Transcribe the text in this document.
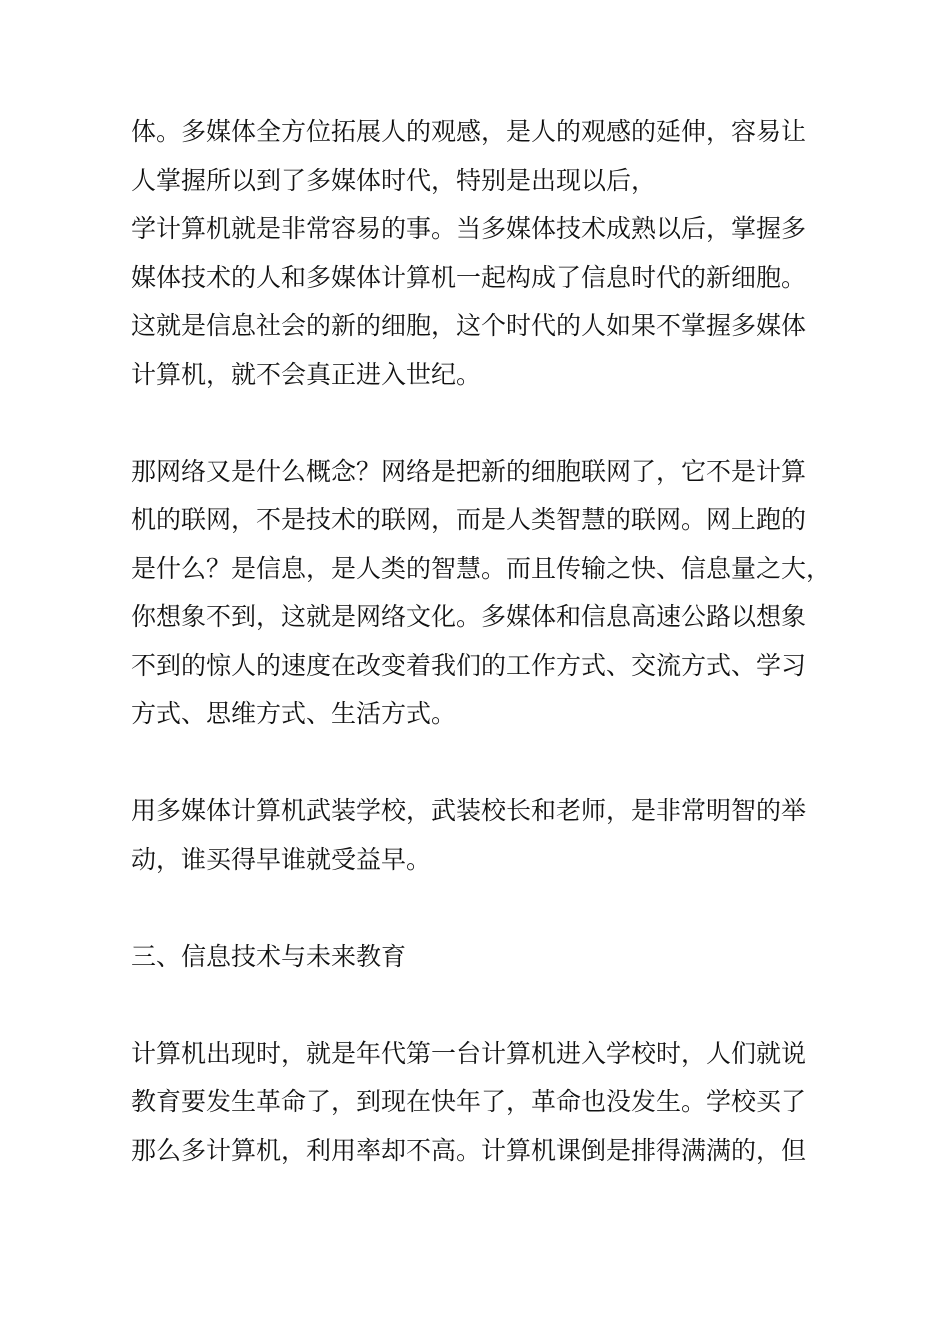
体。多媒体全方位拓展人的观感，是人的观感的延伸，容易让
人掌握所以到了多媒体时代，特别是出现以后，
学计算机就是非常容易的事。当多媒体技术成熟以后，掌握多
媒体技术的人和多媒体计算机一起构成了信息时代的新细胞。
这就是信息社会的新的细胞，这个时代的人如果不掌握多媒体
计算机，就不会真正进入世纪。
那网络又是什么概念？网络是把新的细胞联网了，它不是计算
机的联网，不是技术的联网，而是人类智慧的联网。网上跑的
是什么？是信息，是人类的智慧。而且传输之快、信息量之大，
你想象不到，这就是网络文化。多媒体和信息高速公路以想象
不到的惊人的速度在改变着我们的工作方式、交流方式、学习
方式、思维方式、生活方式。
用多媒体计算机武装学校，武装校长和老师，是非常明智的举
动，谁买得早谁就受益早。
三、信息技术与未来教育
计算机出现时，就是年代第一台计算机进入学校时，人们就说
教育要发生革命了，到现在快年了，革命也没发生。学校买了
那么多计算机，利用率却不高。计算机课倒是排得满满的，但
